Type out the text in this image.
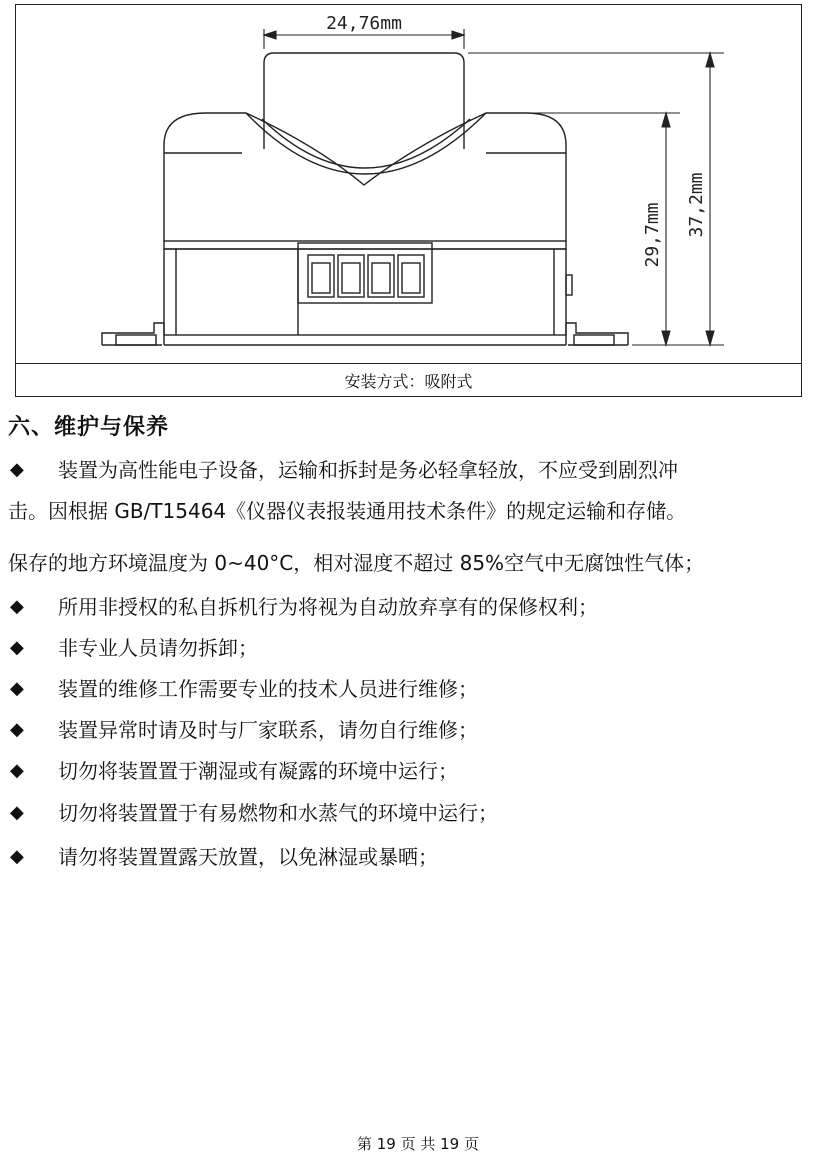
24,76mm
29,7mm 37,2mm
安装方式：吸附式
六、维护与保养
◆ 装置为高性能电子设备，运输和拆封是务必轻拿轻放，不应受到剧烈冲
击。因根据 GB/T15464《仪器仪表报装通用技术条件》的规定运输和存储。
保存的地方环境温度为 0~40°C，相对湿度不超过 85%空气中无腐蚀性气体；
◆ 所用非授权的私自拆机行为将视为自动放弃享有的保修权利；
◆ 非专业人员请勿拆卸；
◆ 装置的维修工作需要专业的技术人员进行维修；
◆ 装置异常时请及时与厂家联系，请勿自行维修；
◆ 切勿将装置置于潮湿或有凝露的环境中运行；
◆ 切勿将装置置于有易燃物和水蒸气的环境中运行；
◆ 请勿将装置置露天放置，以免淋湿或暴晒；
第 19 页 共 19 页
